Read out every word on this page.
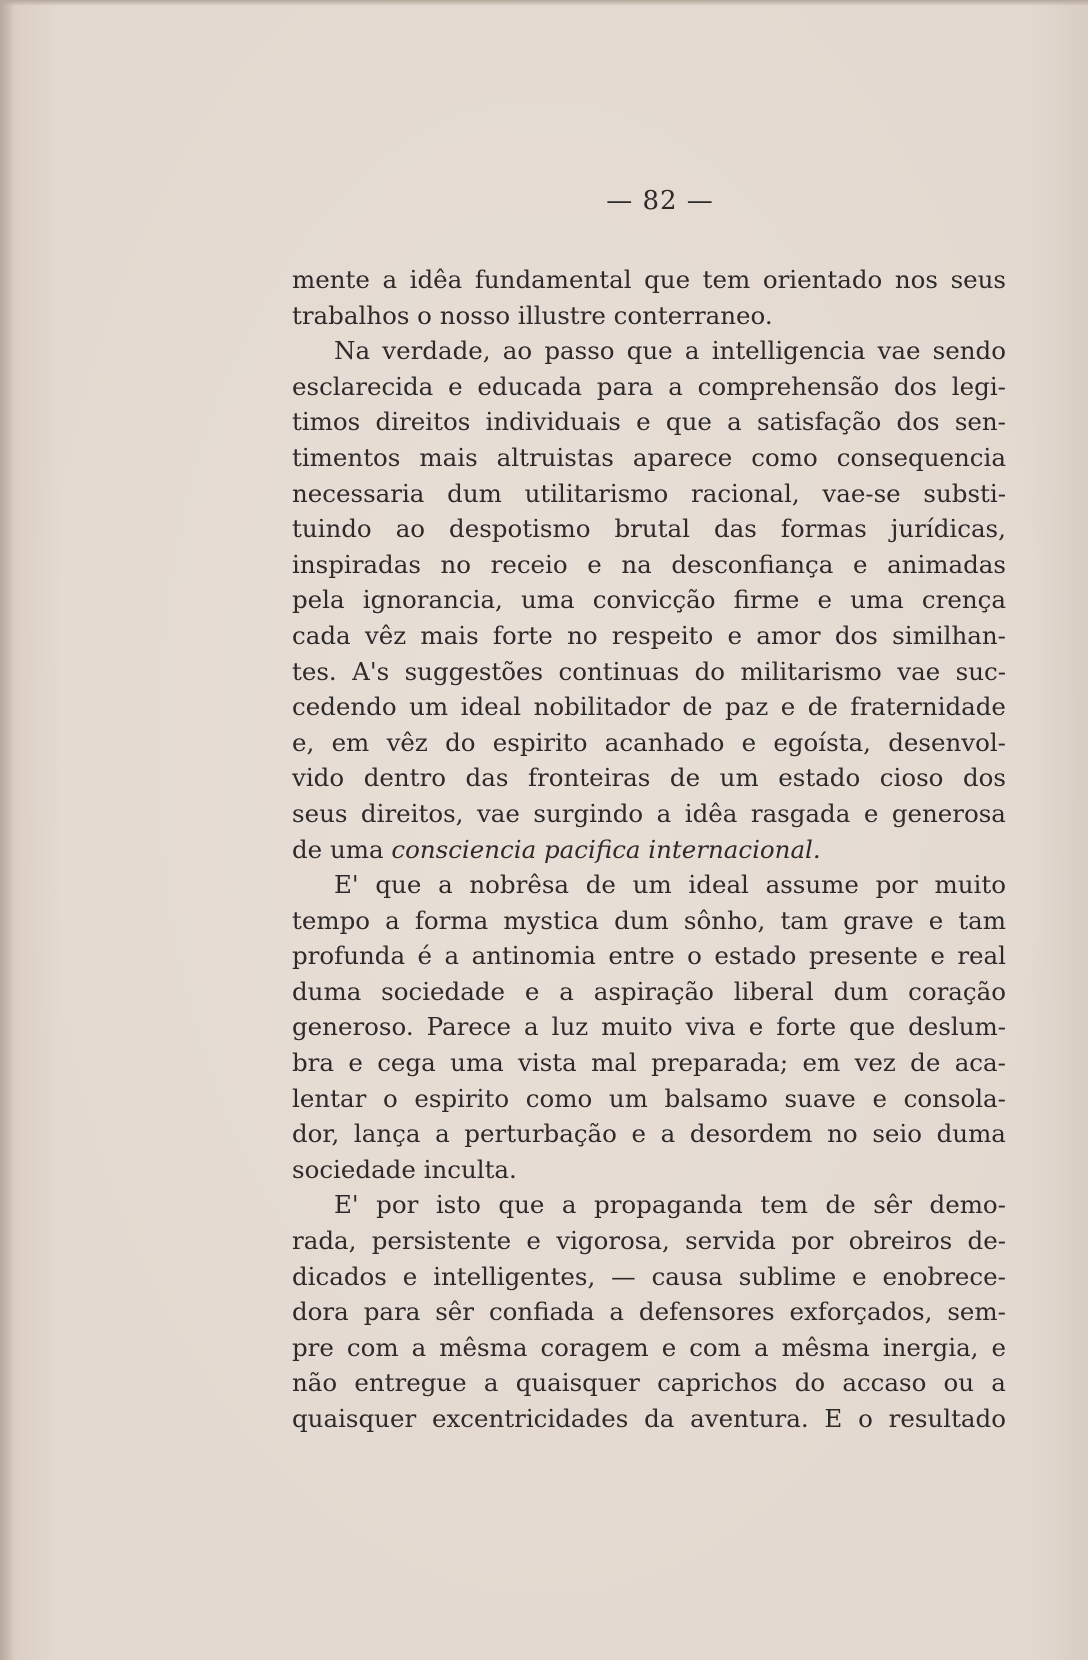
— 82 —
mente a idêa fundamental que tem orientado nos seus
trabalhos o nosso illustre conterraneo.
Na verdade, ao passo que a intelligencia vae sendo
esclarecida e educada para a comprehensão dos legi-
timos direitos individuais e que a satisfação dos sen-
timentos mais altruistas aparece como consequencia
necessaria dum utilitarismo racional, vae-se substi-
tuindo ao despotismo brutal das formas jurídicas,
inspiradas no receio e na desconfiança e animadas
pela ignorancia, uma convicção firme e uma crença
cada vêz mais forte no respeito e amor dos similhan-
tes. A's suggestões continuas do militarismo vae suc-
cedendo um ideal nobilitador de paz e de fraternidade
e, em vêz do espirito acanhado e egoísta, desenvol-
vido dentro das fronteiras de um estado cioso dos
seus direitos, vae surgindo a idêa rasgada e generosa
de uma consciencia pacifica internacional.
E' que a nobrêsa de um ideal assume por muito
tempo a forma mystica dum sônho, tam grave e tam
profunda é a antinomia entre o estado presente e real
duma sociedade e a aspiração liberal dum coração
generoso. Parece a luz muito viva e forte que deslum-
bra e cega uma vista mal preparada; em vez de aca-
lentar o espirito como um balsamo suave e consola-
dor, lança a perturbação e a desordem no seio duma
sociedade inculta.
E' por isto que a propaganda tem de sêr demo-
rada, persistente e vigorosa, servida por obreiros de-
dicados e intelligentes, — causa sublime e enobrece-
dora para sêr confiada a defensores exforçados, sem-
pre com a mêsma coragem e com a mêsma inergia, e
não entregue a quaisquer caprichos do accaso ou a
quaisquer excentricidades da aventura. E o resultado
